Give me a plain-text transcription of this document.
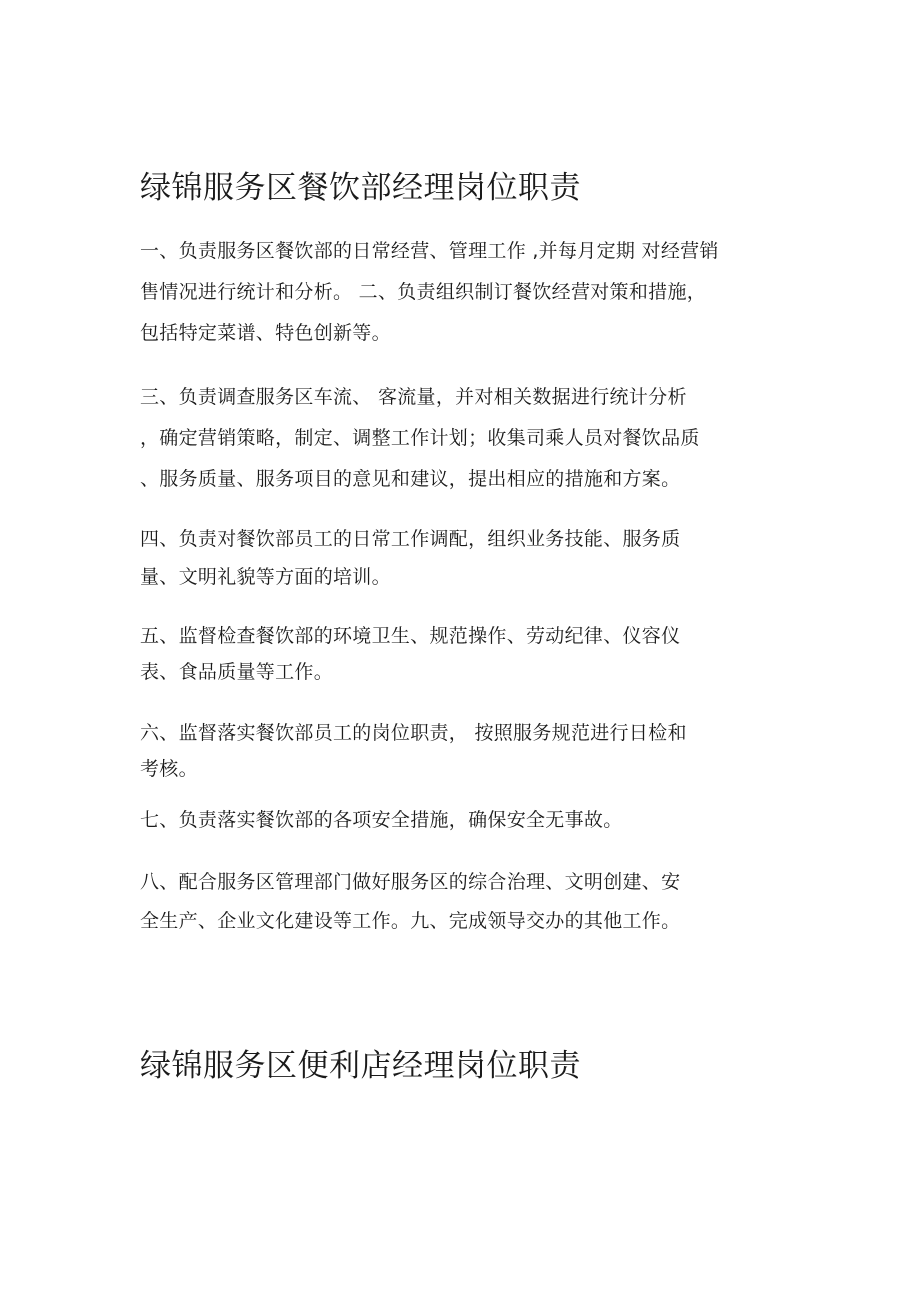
绿锦服务区餐饮部经理岗位职责

一、负责服务区餐饮部的日常经营、管理工作 ,并每月定期 对经营销

售情况进行统计和分析。 二、负责组织制订餐饮经营对策和措施，

包括特定菜谱、特色创新等。

三、负责调查服务区车流、 客流量，并对相关数据进行统计分析

，确定营销策略，制定、调整工作计划；收集司乘人员对餐饮品质

、服务质量、服务项目的意见和建议，提出相应的措施和方案。

四、负责对餐饮部员工的日常工作调配，组织业务技能、服务质

量、文明礼貌等方面的培训。

五、监督检查餐饮部的环境卫生、规范操作、劳动纪律、仪容仪

表、食品质量等工作。

六、监督落实餐饮部员工的岗位职责， 按照服务规范进行日检和

考核。

七、负责落实餐饮部的各项安全措施，确保安全无事故。

八、配合服务区管理部门做好服务区的综合治理、文明创建、安

全生产、企业文化建设等工作。九、完成领导交办的其他工作。

绿锦服务区便利店经理岗位职责
